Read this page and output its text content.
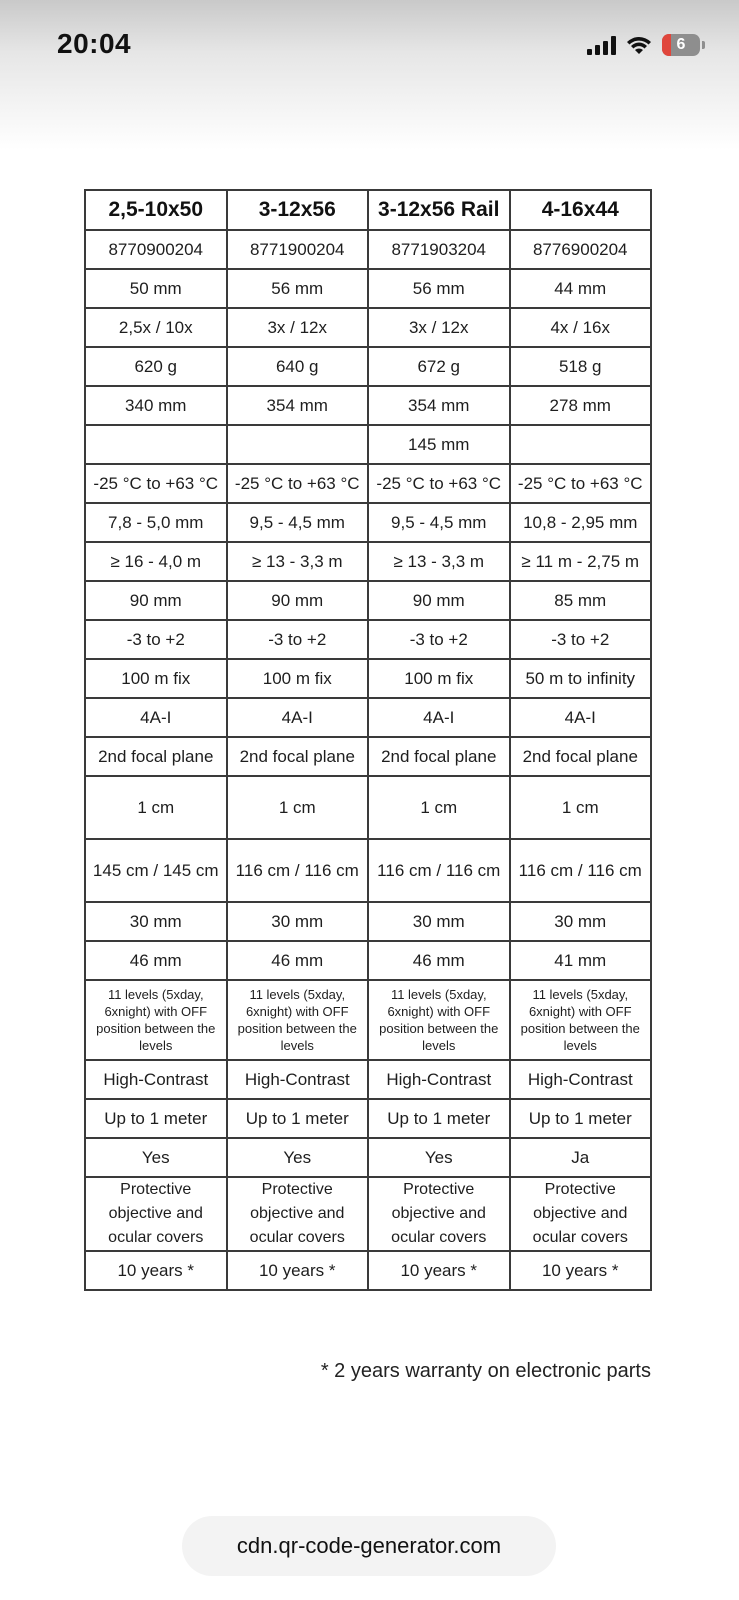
20:04	6
2,5-10x50	3-12x56	3-12x56 Rail	4-16x44
8770900204	8771900204	8771903204	8776900204
50 mm	56 mm	56 mm	44 mm
2,5x / 10x	3x / 12x	3x / 12x	4x / 16x
620 g	640 g	672 g	518 g
340 mm	354 mm	354 mm	278 mm
		145 mm	
-25 °C to +63 °C	-25 °C to +63 °C	-25 °C to +63 °C	-25 °C to +63 °C
7,8 - 5,0 mm	9,5 - 4,5 mm	9,5 - 4,5 mm	10,8 - 2,95 mm
≥ 16 - 4,0 m	≥ 13 - 3,3 m	≥ 13 - 3,3 m	≥ 11 m - 2,75 m
90 mm	90 mm	90 mm	85 mm
-3 to +2	-3 to +2	-3 to +2	-3 to +2
100 m fix	100 m fix	100 m fix	50 m to infinity
4A-I	4A-I	4A-I	4A-I
2nd focal plane	2nd focal plane	2nd focal plane	2nd focal plane
1 cm	1 cm	1 cm	1 cm
145 cm / 145 cm	116 cm / 116 cm	116 cm / 116 cm	116 cm / 116 cm
30 mm	30 mm	30 mm	30 mm
46 mm	46 mm	46 mm	41 mm
11 levels (5xday, 6xnight) with OFF position between the levels	11 levels (5xday, 6xnight) with OFF position between the levels	11 levels (5xday, 6xnight) with OFF position between the levels	11 levels (5xday, 6xnight) with OFF position between the levels
High-Contrast	High-Contrast	High-Contrast	High-Contrast
Up to 1 meter	Up to 1 meter	Up to 1 meter	Up to 1 meter
Yes	Yes	Yes	Ja
Protective objective and ocular covers	Protective objective and ocular covers	Protective objective and ocular covers	Protective objective and ocular covers
10 years *	10 years *	10 years *	10 years *
* 2 years warranty on electronic parts
cdn.qr-code-generator.com
